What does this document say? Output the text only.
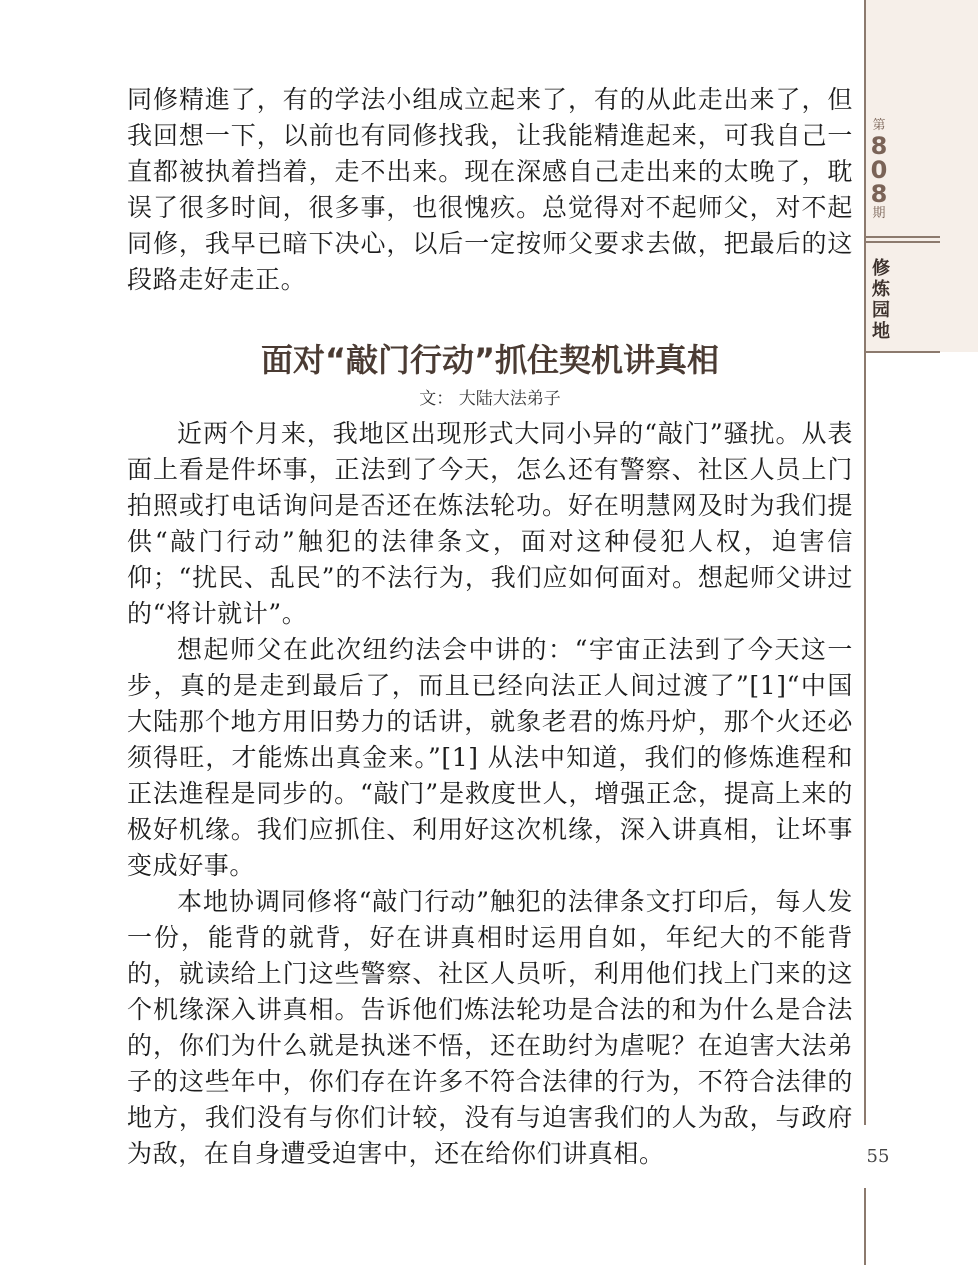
第
8
0
8
期
修
炼
园
地

同修精進了，有的学法小组成立起来了，有的从此走出来了，但我回想一下，以前也有同修找我，让我能精進起来，可我自己一直都被执着挡着，走不出来。现在深感自己走出来的太晚了，耽误了很多时间，很多事，也很愧疚。总觉得对不起师父，对不起同修，我早已暗下决心，以后一定按师父要求去做，把最后的这段路走好走正。

面对“敲门行动”抓住契机讲真相
文： 大陆大法弟子

近两个月来，我地区出现形式大同小异的“敲门”骚扰。从表面上看是件坏事，正法到了今天，怎么还有警察、社区人员上门拍照或打电话询问是否还在炼法轮功。好在明慧网及时为我们提供“敲门行动”触犯的法律条文，面对这种侵犯人权，迫害信仰；“扰民、乱民”的不法行为，我们应如何面对。想起师父讲过的“将计就计”。

想起师父在此次纽约法会中讲的：“宇宙正法到了今天这一步，真的是走到最后了，而且已经向法正人间过渡了”[1]“中国大陆那个地方用旧势力的话讲，就象老君的炼丹炉，那个火还必须得旺，才能炼出真金来。”[1] 从法中知道，我们的修炼進程和正法進程是同步的。“敲门”是救度世人，增强正念，提高上来的极好机缘。我们应抓住、利用好这次机缘，深入讲真相，让坏事变成好事。

本地协调同修将“敲门行动”触犯的法律条文打印后，每人发一份，能背的就背，好在讲真相时运用自如，年纪大的不能背的，就读给上门这些警察、社区人员听，利用他们找上门来的这个机缘深入讲真相。告诉他们炼法轮功是合法的和为什么是合法的，你们为什么就是执迷不悟，还在助纣为虐呢？在迫害大法弟子的这些年中，你们存在许多不符合法律的行为，不符合法律的地方，我们没有与你们计较，没有与迫害我们的人为敌，与政府为敌，在自身遭受迫害中，还在给你们讲真相。	55
